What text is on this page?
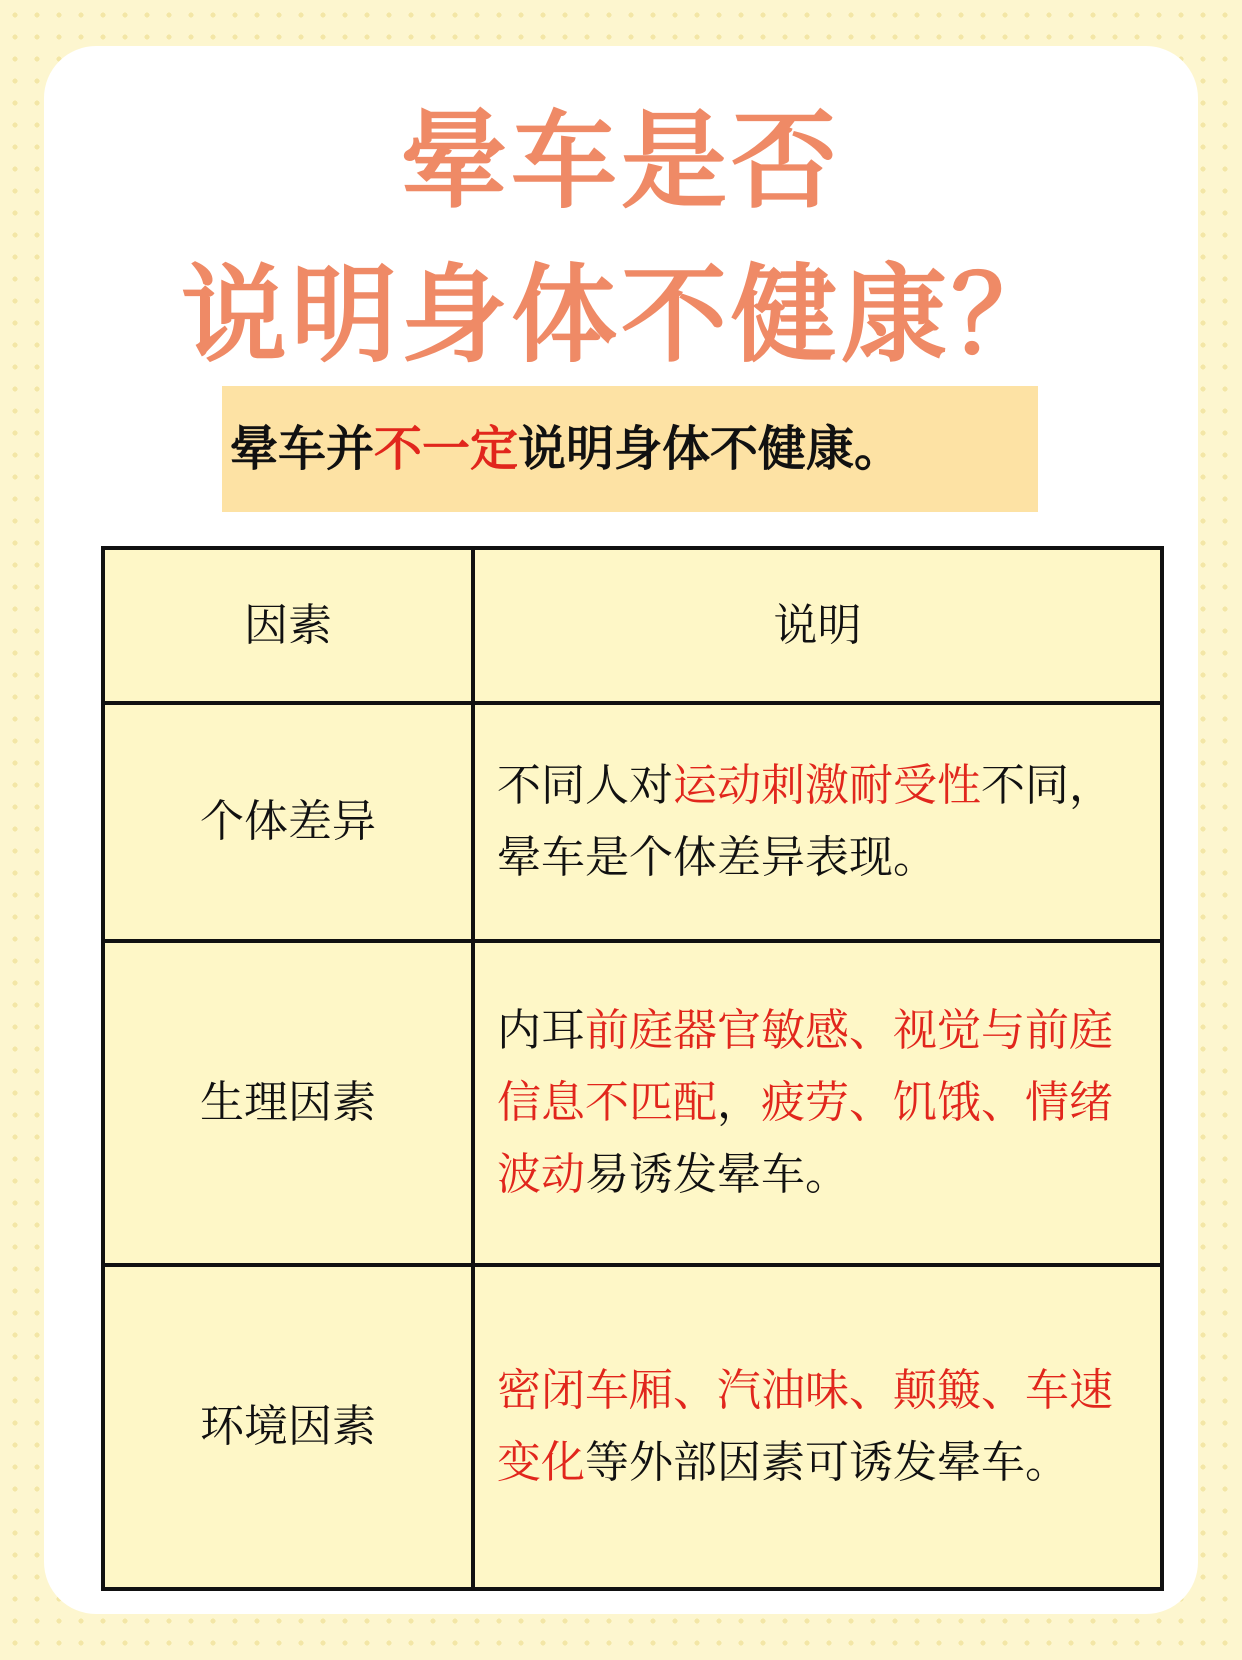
晕车是否
说明身体不健康？
晕车并不一定说明身体不健康。
因素	说明
个体差异	不同人对运动刺激耐受性不同，晕车是个体差异表现。
生理因素	内耳前庭器官敏感、视觉与前庭信息不匹配，疲劳、饥饿、情绪波动易诱发晕车。
环境因素	密闭车厢、汽油味、颠簸、车速变化等外部因素可诱发晕车。
